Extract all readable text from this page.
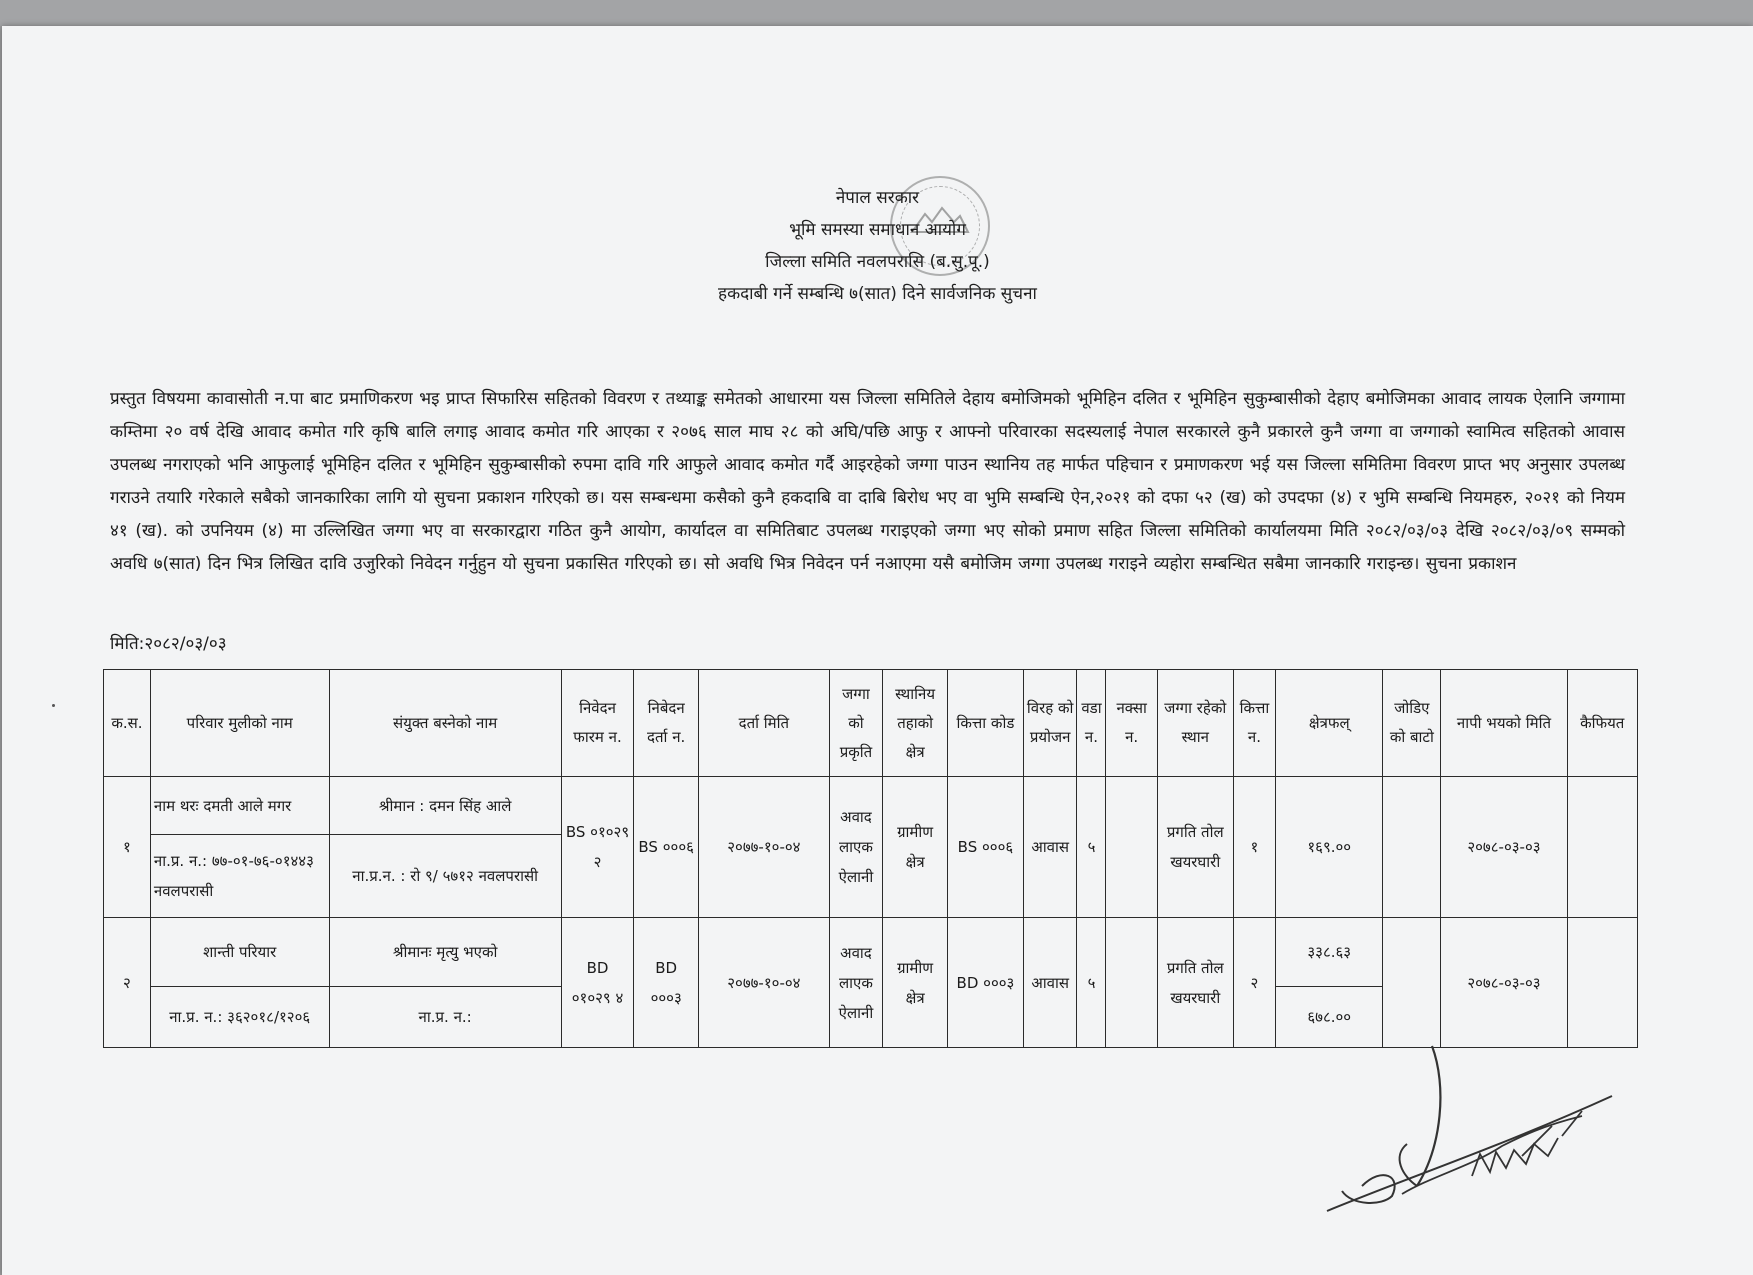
नेपाल सरकार
भूमि समस्या समाधान आयोग
जिल्ला समिति नवलपरासि (ब.सु.पू.)
हकदाबी गर्ने सम्बन्धि ७(सात) दिने सार्वजनिक सुचना
प्रस्तुत विषयमा कावासोती न.पा बाट प्रमाणिकरण भइ प्राप्त सिफारिस सहितको विवरण र तथ्याङ्क समेतको आधारमा यस जिल्ला समितिले देहाय बमोजिमको भूमिहिन दलित र भूमिहिन सुकुम्बासीको देहाए बमोजिमका आवाद लायक ऐलानि जग्गामा कम्तिमा २० वर्ष देखि आवाद कमोत गरि कृषि बालि लगाइ आवाद कमोत गरि आएका र २०७६ साल माघ २८ को अघि/पछि आफु र आफ्नो परिवारका सदस्यलाई नेपाल सरकारले कुनै प्रकारले कुनै जग्गा वा जग्गाको स्वामित्व सहितको आवास उपलब्ध नगराएको भनि आफुलाई भूमिहिन दलित र भूमिहिन सुकुम्बासीको रुपमा दावि गरि आफुले आवाद कमोत गर्दै आइरहेको जग्गा पाउन स्थानिय तह मार्फत पहिचान र प्रमाणकरण भई यस जिल्ला समितिमा विवरण प्राप्त भए अनुसार उपलब्ध गराउने तयारि गरेकाले सबैको जानकारिका लागि यो सुचना प्रकाशन गरिएको छ। यस सम्बन्धमा कसैको कुनै हकदाबि वा दाबि बिरोध भए वा भुमि सम्बन्धि ऐन,२०२१ को दफा ५२ (ख) को उपदफा (४) र भुमि सम्बन्धि नियमहरु, २०२१ को नियम ४१ (ख). को उपनियम (४) मा उल्लिखित जग्गा भए वा सरकारद्वारा गठित कुनै आयोग, कार्यादल वा समितिबाट उपलब्ध गराइएको जग्गा भए सोको प्रमाण सहित जिल्ला समितिको कार्यालयमा मिति २०८२/०३/०३ देखि २०८२/०३/०९ सम्मको अवधि ७(सात) दिन भित्र लिखित दावि उजुरिको निवेदन गर्नुहुन यो सुचना प्रकासित गरिएको छ। सो अवधि भित्र निवेदन पर्न नआएमा यसै बमोजिम जग्गा उपलब्ध गराइने व्यहोरा सम्बन्धित सबैमा जानकारि गराइन्छ। सुचना प्रकाशन
मिति:२०८२/०३/०३
क.स.	परिवार मुलीको नाम	संयुक्त बस्नेको नाम	निवेदन फारम न.	निबेदन दर्ता न.	दर्ता मिति	जग्गा को प्रकृति	स्थानिय तहाको क्षेत्र	कित्ता कोड	विरह को प्रयोजन	वडा न.	नक्सा न.	जग्गा रहेको स्थान	कित्ता न.	क्षेत्रफल्	जोडिए को बाटो	नापी भयको मिति	कैफियत
१	नाम थरः दमती आले मगर	श्रीमान : दमन सिंह आले	BS ०१०२९ २	BS ०००६	२०७७-१०-०४	अवाद लाएक ऐलानी	ग्रामीण क्षेत्र	BS ०००६	आवास	५		प्रगति तोल खयरघारी	१	१६९.००		२०७८-०३-०३	
	ना.प्र. न.: ७७-०१-७६-०१४४३ नवलपरासी	ना.प्र.न. : रो ९/ ५७१२ नवलपरासी															
२	शान्ती परियार	श्रीमानः मृत्यु भएको	BD ०१०२९ ४	BD ०००३	२०७७-१०-०४	अवाद लाएक ऐलानी	ग्रामीण क्षेत्र	BD ०००३	आवास	५		प्रगति तोल खयरघारी	२	३३८.६३		२०७८-०३-०३	
	ना.प्र. न.: ३६२०१८/१२०६	ना.प्र. न.:												६७८.००			
